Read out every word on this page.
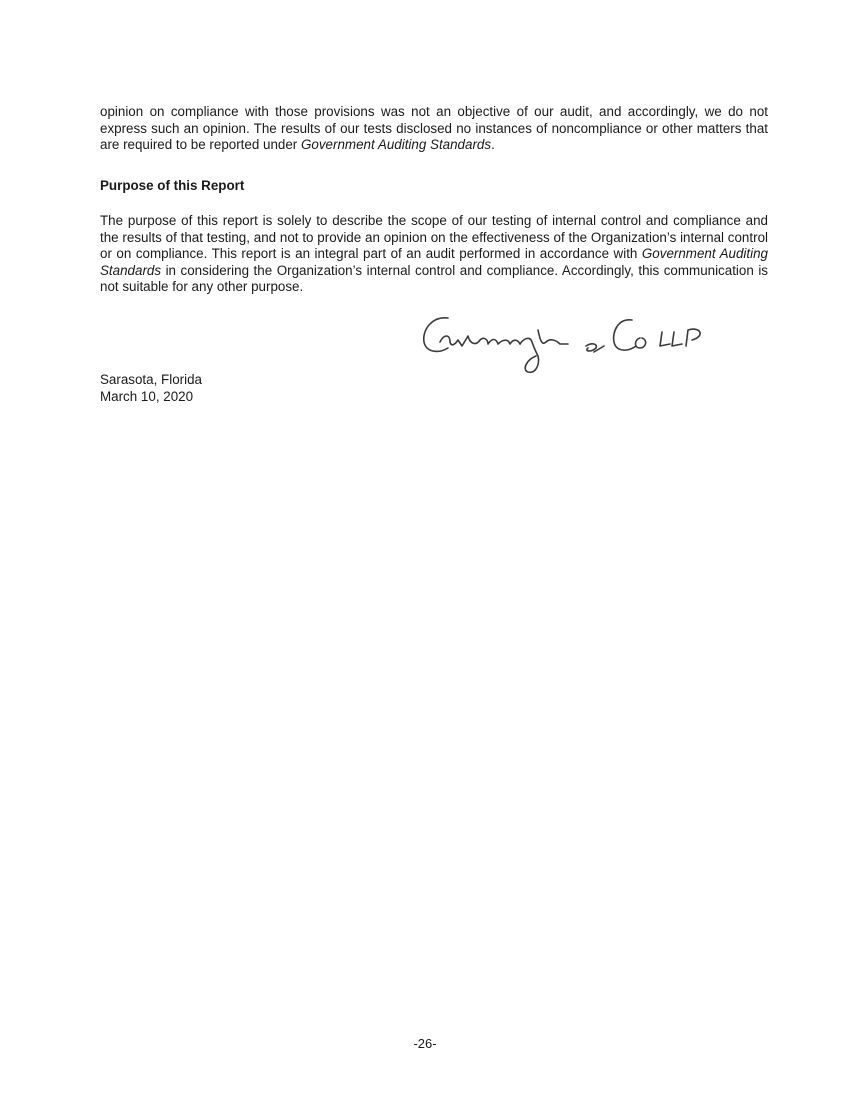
opinion on compliance with those provisions was not an objective of our audit, and accordingly, we do not express such an opinion. The results of our tests disclosed no instances of noncompliance or other matters that are required to be reported under Government Auditing Standards.

Purpose of this Report

The purpose of this report is solely to describe the scope of our testing of internal control and compliance and the results of that testing, and not to provide an opinion on the effectiveness of the Organization’s internal control or on compliance. This report is an integral part of an audit performed in accordance with Government Auditing Standards in considering the Organization’s internal control and compliance. Accordingly, this communication is not suitable for any other purpose.

Sarasota, Florida
March 10, 2020
-26-
